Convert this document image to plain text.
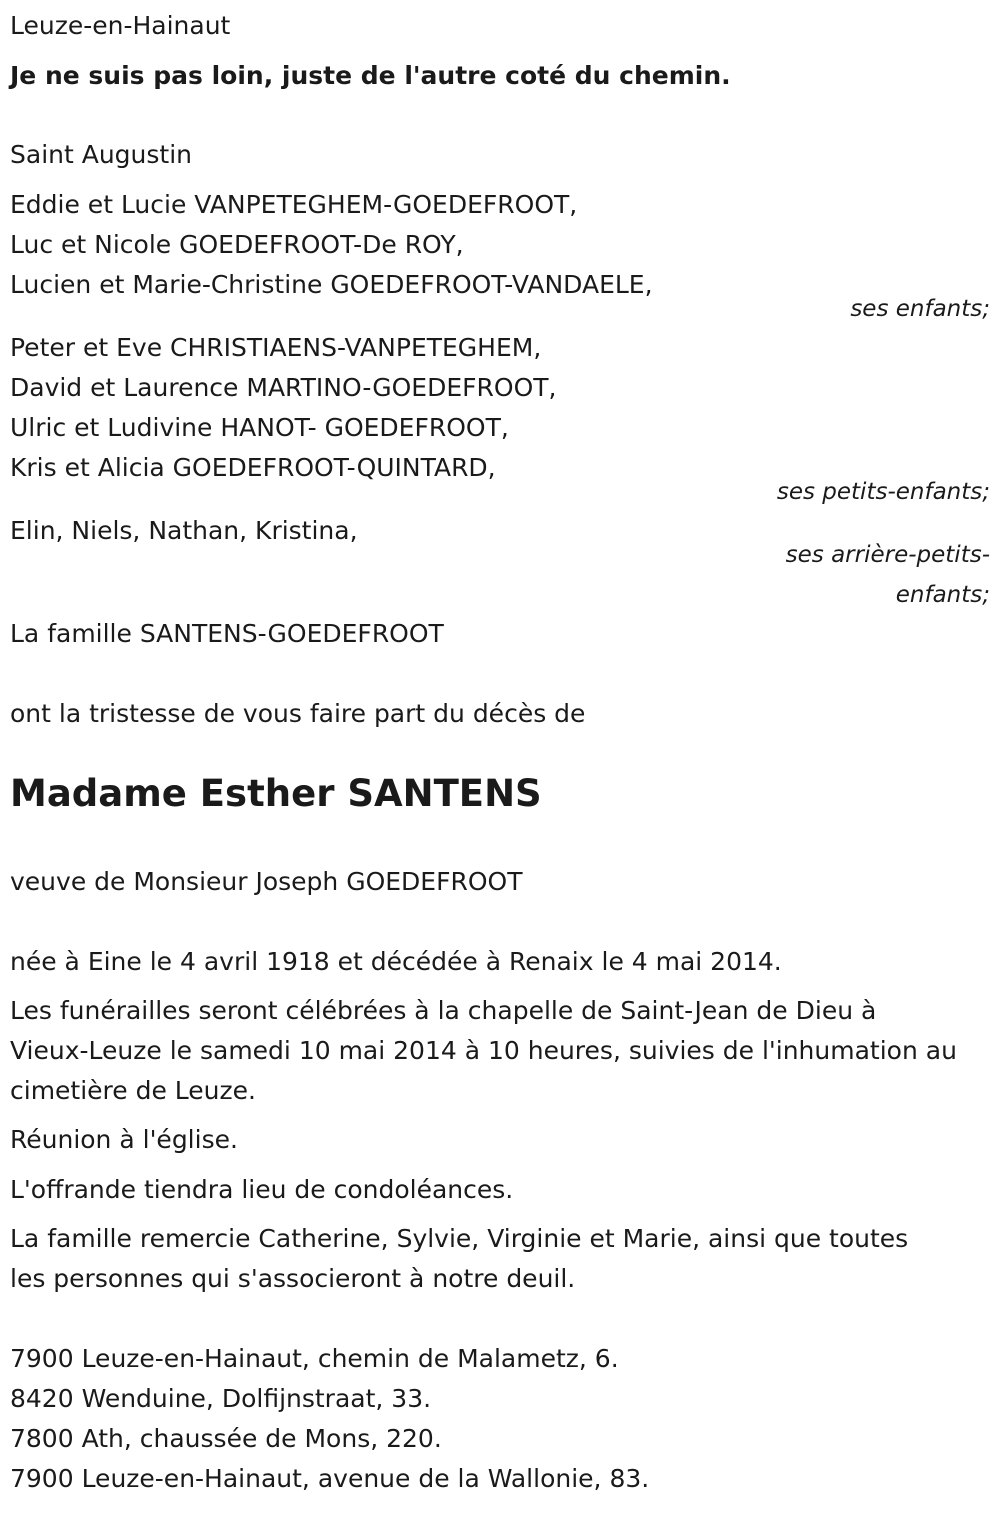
Leuze-en-Hainaut
Je ne suis pas loin, juste de l'autre coté du chemin.
Saint Augustin
Eddie et Lucie VANPETEGHEM-GOEDEFROOT,
Luc et Nicole GOEDEFROOT-De ROY,
Lucien et Marie-Christine GOEDEFROOT-VANDAELE,
ses enfants;
Peter et Eve CHRISTIAENS-VANPETEGHEM,
David et Laurence MARTINO-GOEDEFROOT,
Ulric et Ludivine HANOT- GOEDEFROOT,
Kris et Alicia GOEDEFROOT-QUINTARD,
ses petits-enfants;
Elin, Niels, Nathan, Kristina,
ses arrière-petits-
enfants;
La famille SANTENS-GOEDEFROOT
ont la tristesse de vous faire part du décès de
Madame Esther SANTENS
veuve de Monsieur Joseph GOEDEFROOT
née à Eine le 4 avril 1918 et décédée à Renaix le 4 mai 2014.
Les funérailles seront célébrées à la chapelle de Saint-Jean de Dieu à
Vieux-Leuze le samedi 10 mai 2014 à 10 heures, suivies de l'inhumation au
cimetière de Leuze.
Réunion à l'église.
L'offrande tiendra lieu de condoléances.
La famille remercie Catherine, Sylvie, Virginie et Marie, ainsi que toutes
les personnes qui s'associeront à notre deuil.
7900 Leuze-en-Hainaut, chemin de Malametz, 6.
8420 Wenduine, Dolfijnstraat, 33.
7800 Ath, chaussée de Mons, 220.
7900 Leuze-en-Hainaut, avenue de la Wallonie, 83.
